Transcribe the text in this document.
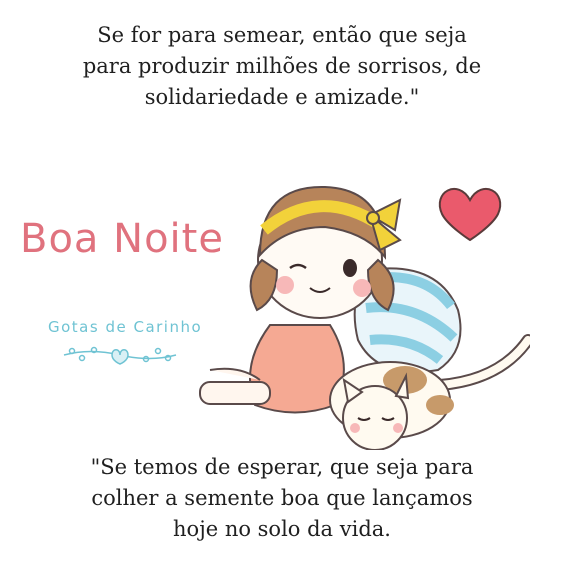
Se for para semear, então que seja
para produzir milhões de sorrisos, de
solidariedade e amizade."

Boa Noite
Gotas de Carinho

"Se temos de esperar, que seja para
colher a semente boa que lançamos
hoje no solo da vida.
